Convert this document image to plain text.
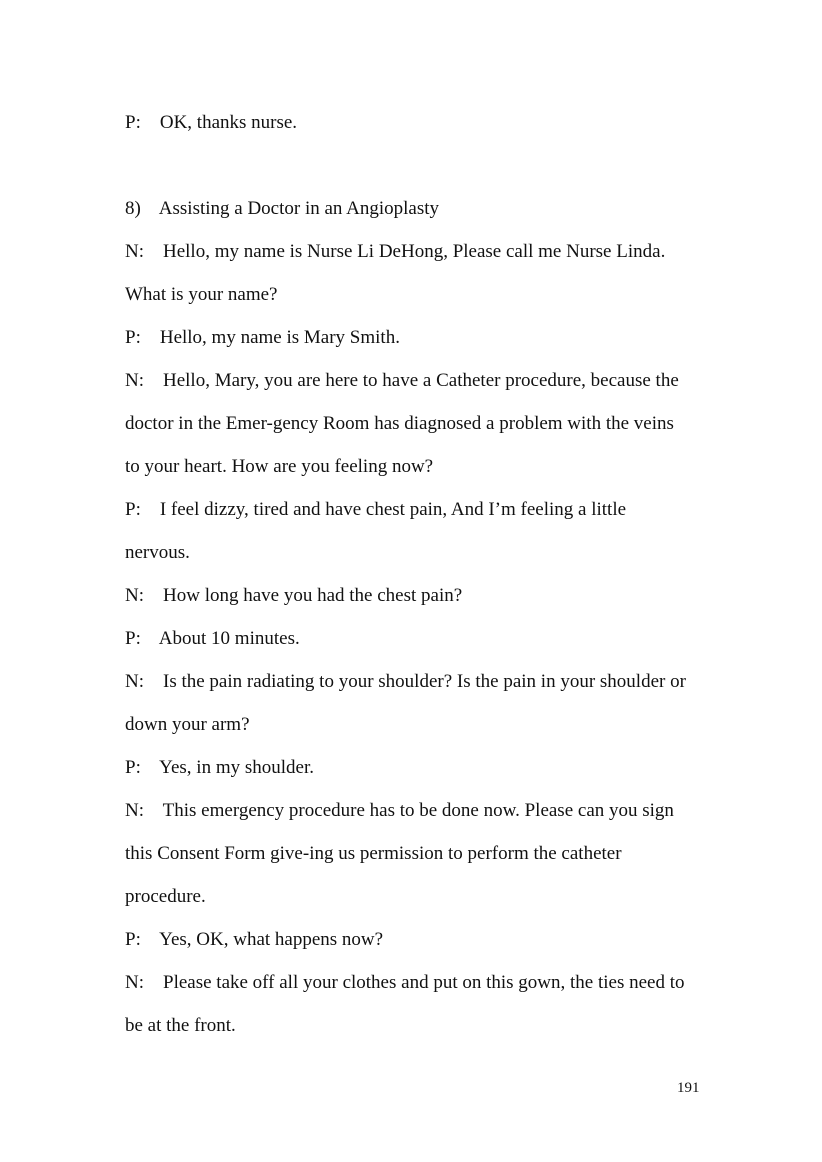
P:    OK, thanks nurse.
8)    Assisting a Doctor in an Angioplasty
N:    Hello, my name is Nurse Li DeHong, Please call me Nurse Linda.
What is your name?
P:    Hello, my name is Mary Smith.
N:    Hello, Mary, you are here to have a Catheter procedure, because the
doctor in the Emer-gency Room has diagnosed a problem with the veins
to your heart. How are you feeling now?
P:    I feel dizzy, tired and have chest pain, And I’m feeling a little
nervous.
N:    How long have you had the chest pain?
P:    About 10 minutes.
N:    Is the pain radiating to your shoulder? Is the pain in your shoulder or
down your arm?
P:    Yes, in my shoulder.
N:    This emergency procedure has to be done now. Please can you sign
this Consent Form give-ing us permission to perform the catheter
procedure.
P:    Yes, OK, what happens now?
N:    Please take off all your clothes and put on this gown, the ties need to
be at the front.
191
